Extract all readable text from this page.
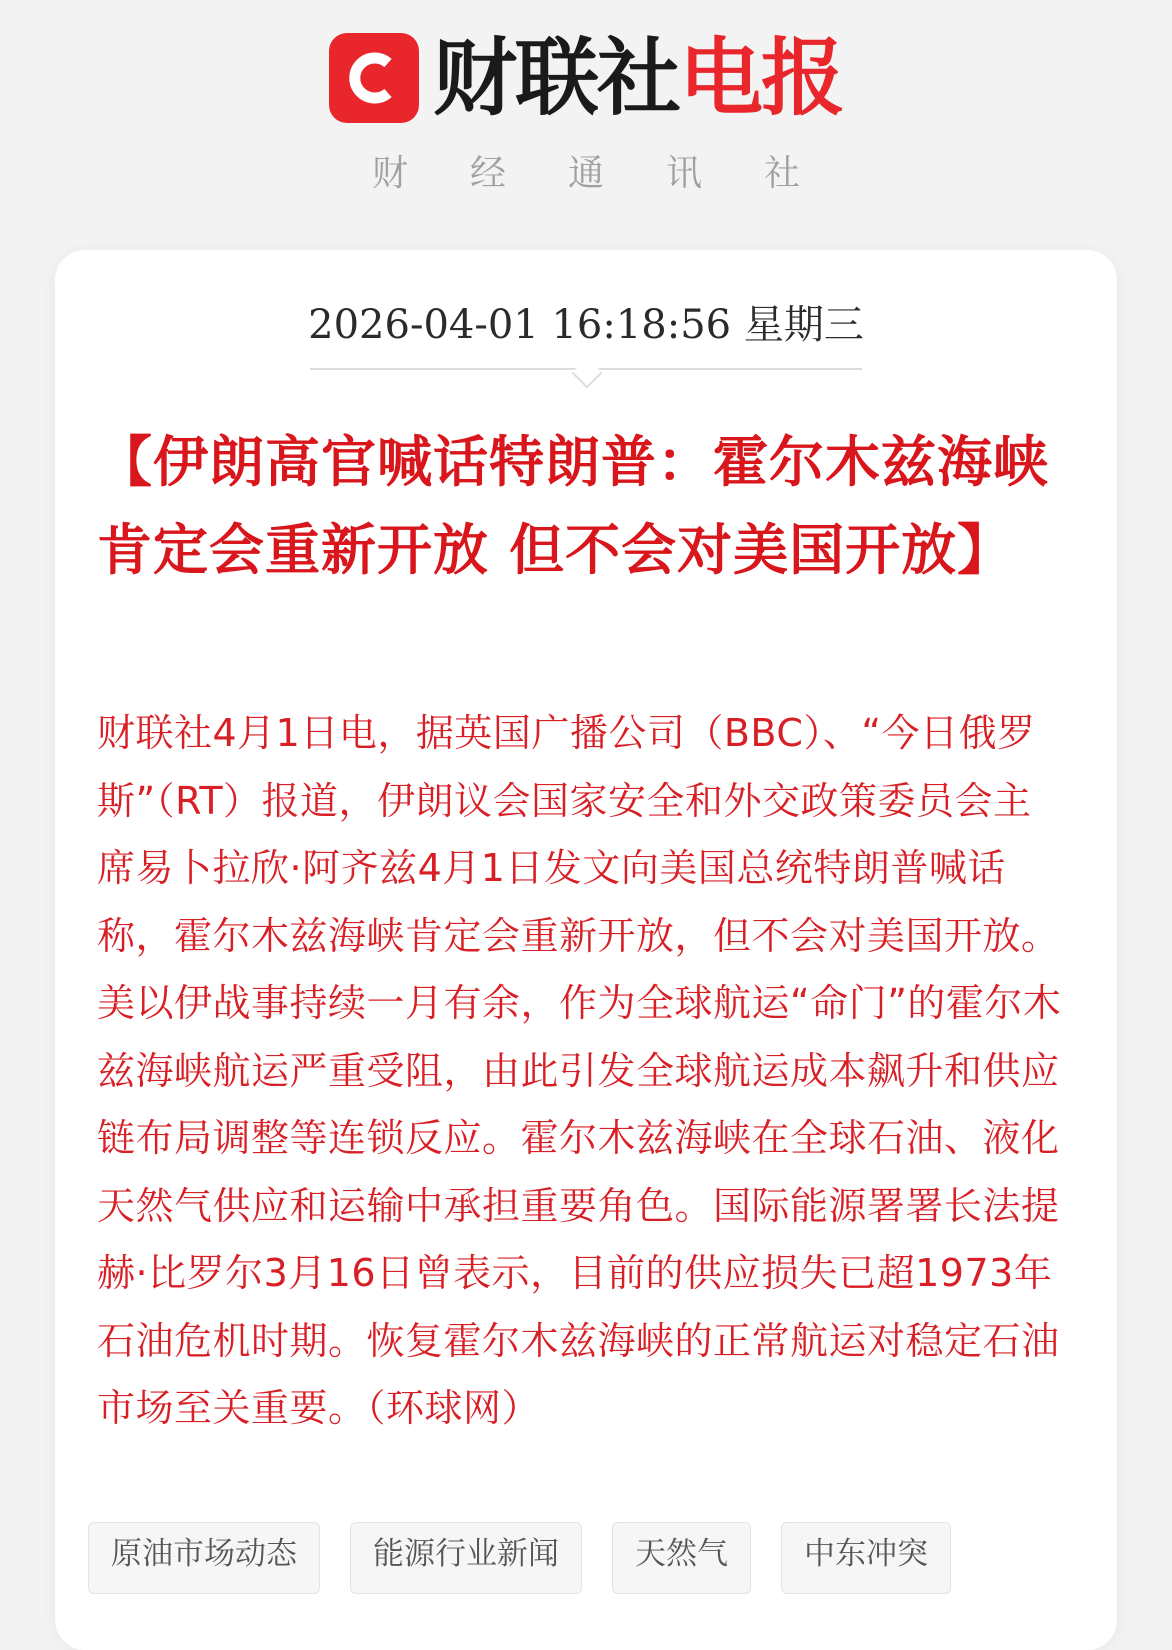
财联社 电报
财 经 通 讯 社
2026-04-01 16:18:56 星期三
【伊朗高官喊话特朗普：霍尔木兹海峡肯定会重新开放 但不会对美国开放】

财联社4月1日电，据英国广播公司（BBC）、“今日俄罗斯”（RT）报道，伊朗议会国家安全和外交政策委员会主席易卜拉欣·阿齐兹4月1日发文向美国总统特朗普喊话称，霍尔木兹海峡肯定会重新开放，但不会对美国开放。美以伊战事持续一月有余，作为全球航运“命门”的霍尔木兹海峡航运严重受阻，由此引发全球航运成本飙升和供应链布局调整等连锁反应。霍尔木兹海峡在全球石油、液化天然气供应和运输中承担重要角色。国际能源署署长法提赫·比罗尔3月16日曾表示，目前的供应损失已超1973年石油危机时期。恢复霍尔木兹海峡的正常航运对稳定石油市场至关重要。（环球网）

原油市场动态	能源行业新闻	天然气	中东冲突
